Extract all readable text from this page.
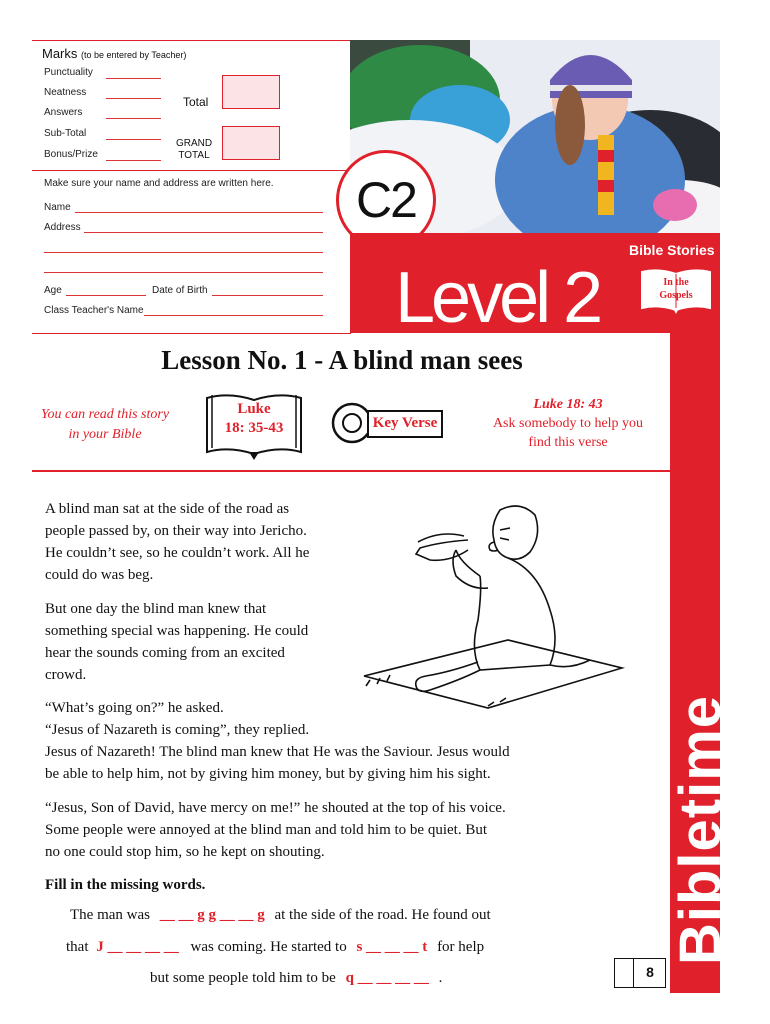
Marks (to be entered by Teacher)
Punctuality
Neatness
Answers
Sub-Total
Bonus/Prize
Total
GRAND
TOTAL
Make sure your name and address are written here.
Name
Address
Age	Date of Birth
Class Teacher's Name
C2
Level 2
Bible Stories
In the
Gospels
Bibletime
Lesson No. 1 - A blind man sees
You can read this story
in your Bible
Luke
18: 35-43	Key Verse
Luke 18: 43
Ask somebody to help you
find this verse
A blind man sat at the side of the road as
people passed by, on their way into Jericho.
He couldn’t see, so he couldn’t work. All he
could do was beg.
But one day the blind man knew that
something special was happening. He could
hear the sounds coming from an excited
crowd.
“What’s going on?” he asked.
“Jesus of Nazareth is coming”, they replied.
Jesus of Nazareth! The blind man knew that He was the Saviour. Jesus would
be able to help him, not by giving him money, but by giving him his sight.
“Jesus, Son of David, have mercy on me!” he shouted at the top of his voice.
Some people were annoyed at the blind man and told him to be quiet. But
no one could stop him, so he kept on shouting.
Fill in the missing words.
The man was __ __ g g __ __ g at the side of the road. He found out
that J __ __ __ __ was coming. He started to s __ __ __ t for help
but some people told him to be q __ __ __ __ .	8
